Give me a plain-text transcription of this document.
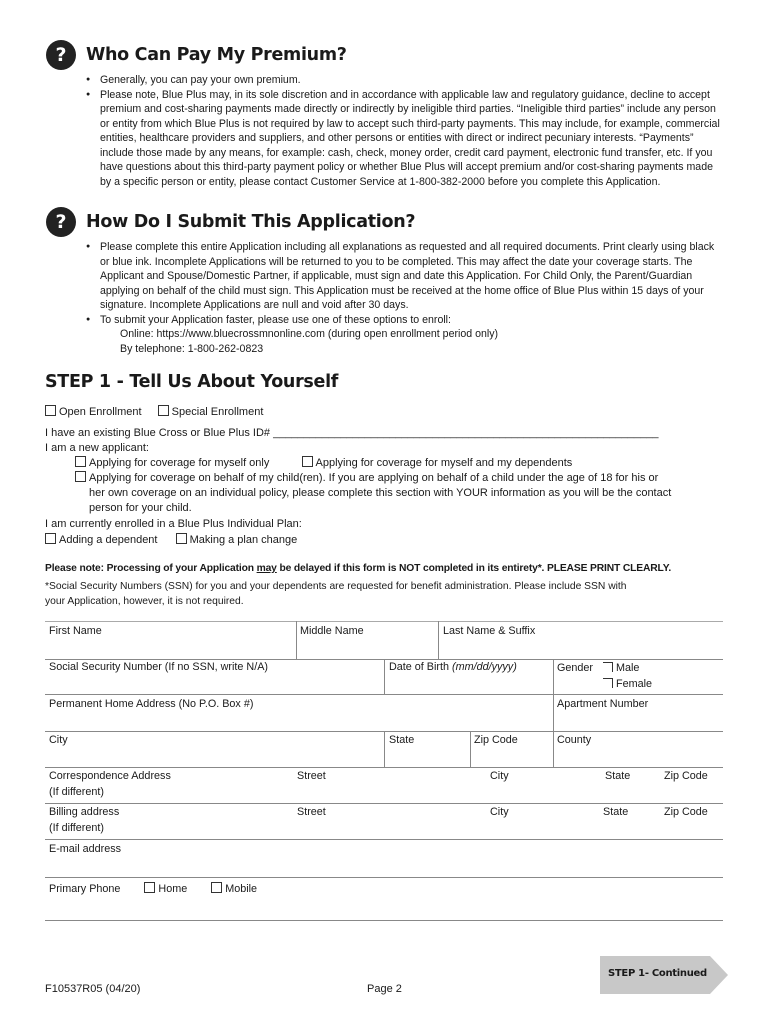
?	Who Can Pay My Premium?
● Generally, you can pay your own premium.
● Please note, Blue Plus may, in its sole discretion and in accordance with applicable law and regulatory guidance, decline to accept premium and cost-sharing payments made directly or indirectly by ineligible third parties. “Ineligible third parties” include any person or entity from which Blue Plus is not required by law to accept such third-party payments. This may include, for example, commercial entities, healthcare providers and suppliers, and other persons or entities with direct or indirect pecuniary interests. “Payments” include those made by any means, for example: cash, check, money order, credit card payment, electronic fund transfer, etc. If you have questions about this third-party payment policy or whether Blue Plus will accept premium and/or cost-sharing payments made by a specific person or entity, please contact Customer Service at 1-800-382-2000 before you complete this Application.
?	How Do I Submit This Application?
● Please complete this entire Application including all explanations as requested and all required documents. Print clearly using black or blue ink. Incomplete Applications will be returned to you to be completed. This may affect the date your coverage starts. The Applicant and Spouse/Domestic Partner, if applicable, must sign and date this Application. For Child Only, the Parent/Guardian applying on behalf of the child must sign. This Application must be received at the home office of Blue Plus within 15 days of your signature. Incomplete Applications are null and void after 30 days.
● To submit your Application faster, please use one of these options to enroll:
Online: https://www.bluecrossmnonline.com (during open enrollment period only)
By telephone: 1-800-262-0823
STEP 1 - Tell Us About Yourself
Open Enrollment	Special Enrollment
I have an existing Blue Cross or Blue Plus ID# _______________________________________________________________
I am a new applicant:
Applying for coverage for myself only	Applying for coverage for myself and my dependents
Applying for coverage on behalf of my child(ren). If you are applying on behalf of a child under the age of 18 for his or
her own coverage on an individual policy, please complete this section with YOUR information as you will be the contact
person for your child.
I am currently enrolled in a Blue Plus Individual Plan:
Adding a dependent	Making a plan change
Please note: Processing of your Application may be delayed if this form is NOT completed in its entirety*. PLEASE PRINT CLEARLY.
*Social Security Numbers (SSN) for you and your dependents are requested for benefit administration. Please include SSN with
your Application, however, it is not required.
First Name	Middle Name	Last Name & Suffix
Social Security Number (If no SSN, write N/A)	Date of Birth (mm/dd/yyyy)	Gender	Male
Female
Permanent Home Address (No P.O. Box #)	Apartment Number
City	State	Zip Code	County
Correspondence Address
(If different)
Street	City	State	Zip Code
Billing address
(If different)
Street	City	State	Zip Code
E-mail address
Primary Phone	Home	Mobile
STEP 1- Continued
F10537R05 (04/20)	Page 2
